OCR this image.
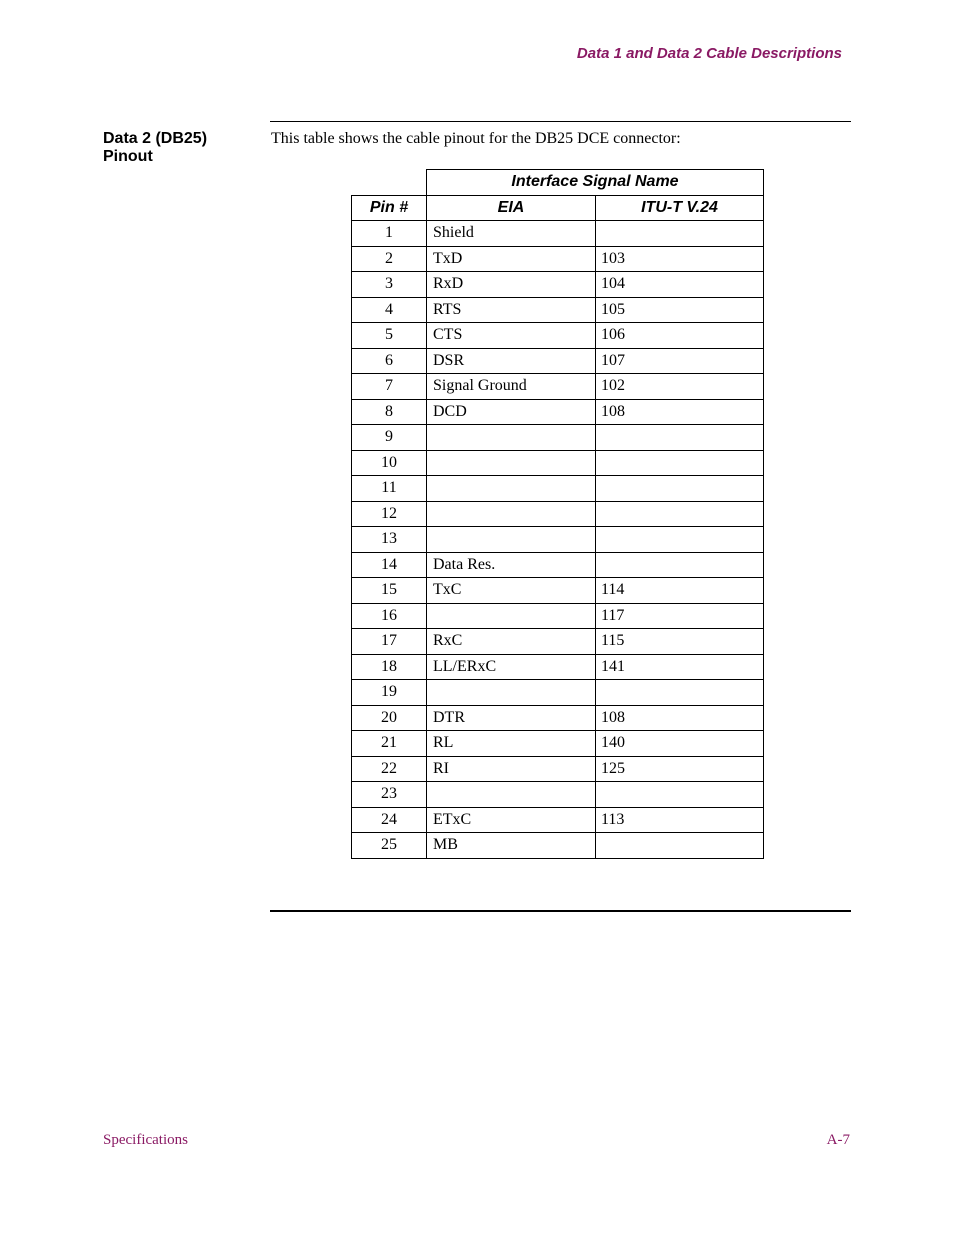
Data 1 and Data 2 Cable Descriptions
Data 2 (DB25)
Pinout
This table shows the cable pinout for the DB25 DCE connector:
	Interface Signal Name	
Pin #	EIA	ITU-T V.24
1	Shield	
2	TxD	103
3	RxD	104
4	RTS	105
5	CTS	106
6	DSR	107
7	Signal Ground	102
8	DCD	108
9		
10		
11		
12		
13		
14	Data Res.	
15	TxC	114
16		117
17	RxC	115
18	LL/ERxC	141
19		
20	DTR	108
21	RL	140
22	RI	125
23		
24	ETxC	113
25	MB	
Specifications	A-7
